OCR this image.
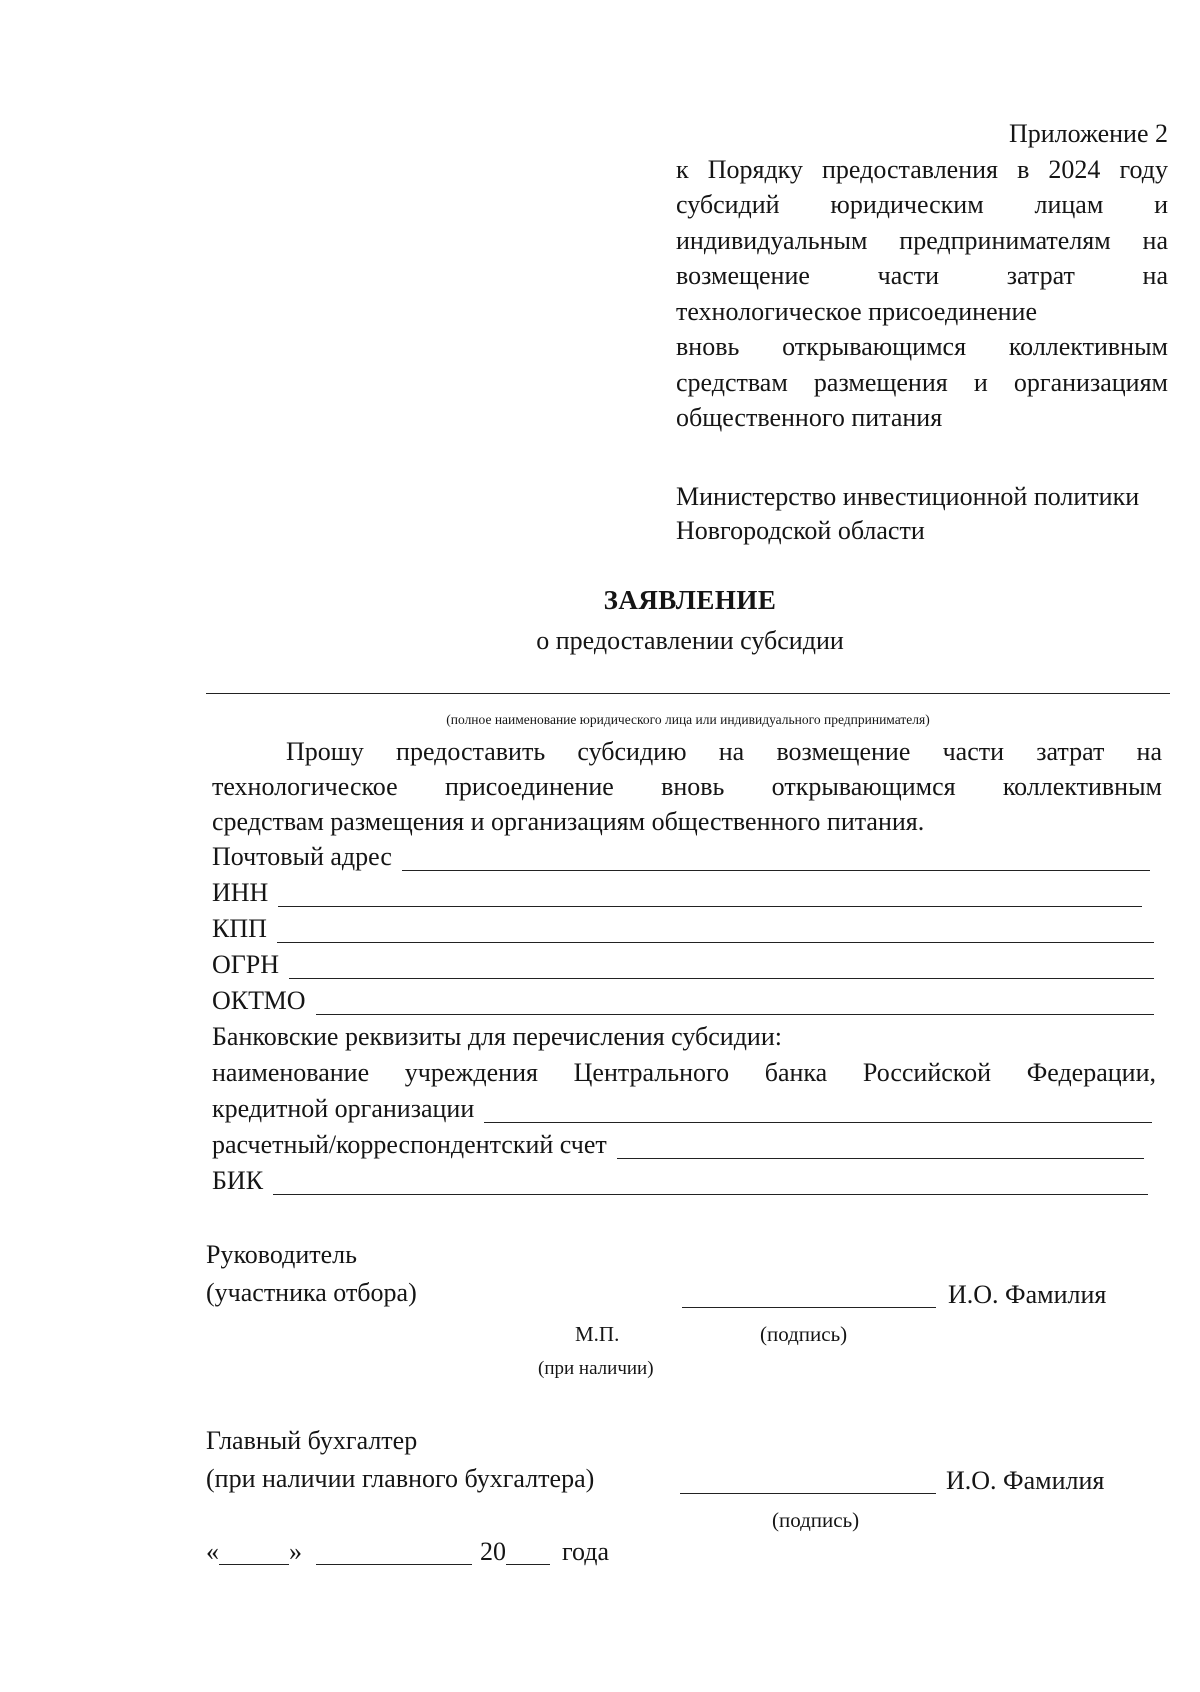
Приложение 2
к Порядку предоставления в 2024 году
субсидий юридическим лицам и
индивидуальным предпринимателям на
возмещение части затрат на
технологическое присоединение
вновь открывающимся коллективным
средствам размещения и организациям
общественного питания
Министерство инвестиционной политики
Новгородской области
ЗАЯВЛЕНИЕ
о предоставлении субсидии
(полное наименование юридического лица или индивидуального предпринимателя)
Прошу предоставить субсидию на возмещение части затрат на
технологическое присоединение вновь открывающимся коллективным
средствам размещения и организациям общественного питания.
Почтовый адрес
ИНН
КПП
ОГРН
ОКТМО
Банковские реквизиты для перечисления субсидии:
наименование учреждения Центрального банка Российской Федерации,
кредитной организации
расчетный/корреспондентский счет
БИК
Руководитель
(участника отбора)	И.О. Фамилия
М.П.	(подпись)
(при наличии)
Главный бухгалтер
(при наличии главного бухгалтера)	И.О. Фамилия
(подпись)
«	»	20 года
